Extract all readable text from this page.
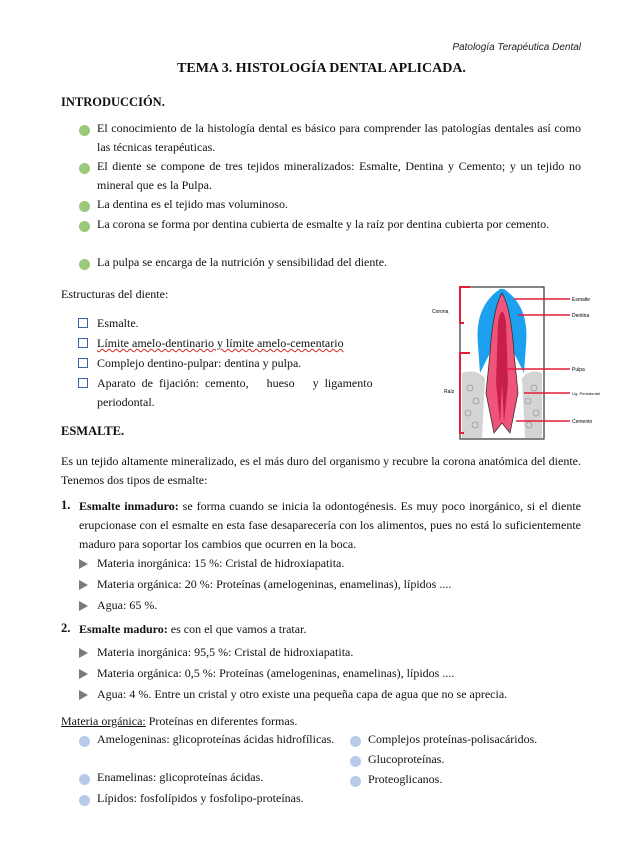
Patología Terapéutica Dental
TEMA 3. HISTOLOGÍA DENTAL APLICADA.
INTRODUCCIÓN.
El conocimiento de la histología dental es básico para comprender las patologías dentales así como las técnicas terapéuticas.
El diente se compone de tres tejidos mineralizados: Esmalte, Dentina y Cemento; y un tejido no mineral que es la Pulpa.
La dentina es el tejido mas voluminoso.
La corona se forma por dentina cubierta de esmalte y la raíz por dentina cubierta por cemento.
La pulpa se encarga de la nutrición y sensibilidad del diente.
Estructuras del diente:
Esmalte.
Límite amelo-dentinario y límite amelo-cementario
Complejo dentino-pulpar: dentina y pulpa.
Aparato  de  fijación:  cemento,      hueso      y  ligamento periodontal.
Corona
Raíz
Esmalte
Dentina
Pulpa
Lig. Periodontal
Cemento
ESMALTE.
Es un tejido altamente mineralizado, es el más duro del organismo y recubre la corona anatómica del diente. Tenemos dos tipos de esmalte:
1. Esmalte inmaduro: se forma cuando se inicia la odontogénesis. Es muy poco inorgánico, si el diente erupcionase con el esmalte en esta fase desaparecería con los alimentos, pues no está lo suficientemente maduro para soportar los cambios que ocurren en la boca.
Materia inorgánica: 15 %: Cristal de hidroxiapatita.
Materia orgánica: 20 %: Proteínas (amelogeninas, enamelinas), lípidos ....
Agua: 65 %.
2. Esmalte maduro: es con el que vamos a tratar.
Materia inorgánica: 95,5 %: Cristal de hidroxiapatita.
Materia orgánica: 0,5 %: Proteínas (amelogeninas, enamelinas), lípidos ....
Agua: 4 %. Entre un cristal y otro existe una pequeña capa de agua que no se aprecia.
Materia orgánica: Proteínas en diferentes formas.
Amelogeninas: glicoproteínas ácidas hidrofílicas.
Enamelinas: glicoproteínas ácidas.
Lípidos: fosfolípidos y fosfolipo-proteínas.
Complejos proteínas-polisacáridos.
Glucoproteínas.
Proteoglicanos.
